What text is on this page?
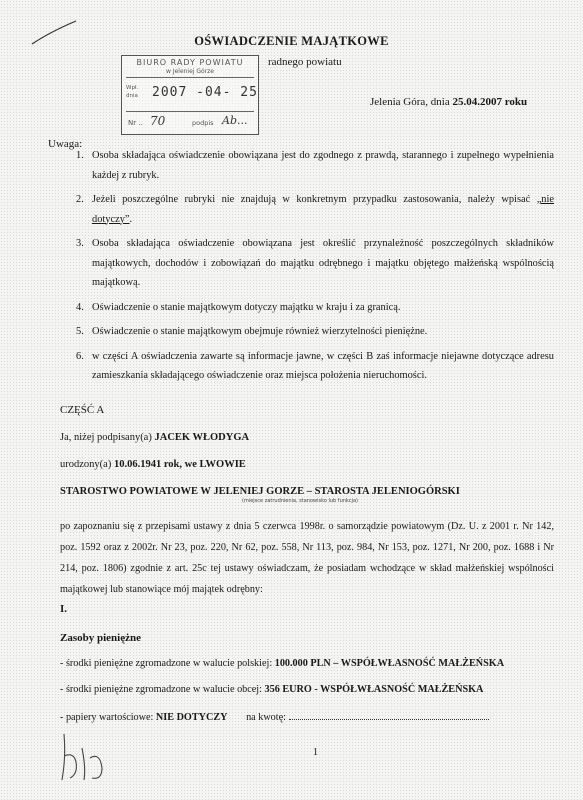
OŚWIADCZENIE MAJĄTKOWE
radnego powiatu
BIURO RADY POWIATU
w Jeleniej Górze
Wpł.
dnia 2007 -04- 25
Nr .. 70	podpis Ab...
Jelenia Góra, dnia 25.04.2007 roku
Uwaga:
1. Osoba składająca oświadczenie obowiązana jest do zgodnego z prawdą, starannego i zupełnego wypełnienia każdej z rubryk.
2. Jeżeli poszczególne rubryki nie znajdują w konkretnym przypadku zastosowania, należy wpisać „nie dotyczy”.
3. Osoba składająca oświadczenie obowiązana jest określić przynależność poszczególnych składników majątkowych, dochodów i zobowiązań do majątku odrębnego i majątku objętego małżeńską wspólnością majątkową.
4. Oświadczenie o stanie majątkowym dotyczy majątku w kraju i za granicą.
5. Oświadczenie o stanie majątkowym obejmuje również wierzytelności pieniężne.
6. w części A oświadczenia zawarte są informacje jawne, w części B zaś informacje niejawne dotyczące adresu zamieszkania składającego oświadczenie oraz miejsca położenia nieruchomości.
CZĘŚĆ A
Ja, niżej podpisany(a) JACEK WŁODYGA
urodzony(a) 10.06.1941 rok, we LWOWIE
STAROSTWO POWIATOWE W JELENIEJ GORZE – STAROSTA JELENIOGÓRSKI
(miejsce zatrudnienia, stanowisko lub funkcja)
po zapoznaniu się z przepisami ustawy z dnia 5 czerwca 1998r. o samorządzie powiatowym (Dz. U. z 2001 r. Nr 142, poz. 1592 oraz z 2002r. Nr 23, poz. 220, Nr 62, poz. 558, Nr 113, poz. 984, Nr 153, poz. 1271, Nr 200, poz. 1688 i Nr 214, poz. 1806) zgodnie z art. 25c tej ustawy oświadczam, że posiadam wchodzące w skład małżeńskiej wspólności majątkowej lub stanowiące mój majątek odrębny:
I.
Zasoby pieniężne
- środki pieniężne zgromadzone w walucie polskiej: 100.000 PLN – WSPÓŁWŁASNOŚĆ MAŁŻEŃSKA
- środki pieniężne zgromadzone w walucie obcej: 356 EURO - WSPÓŁWŁASNOŚĆ MAŁŻEŃSKA
- papiery wartościowe: NIE DOTYCZY na kwotę:
1
